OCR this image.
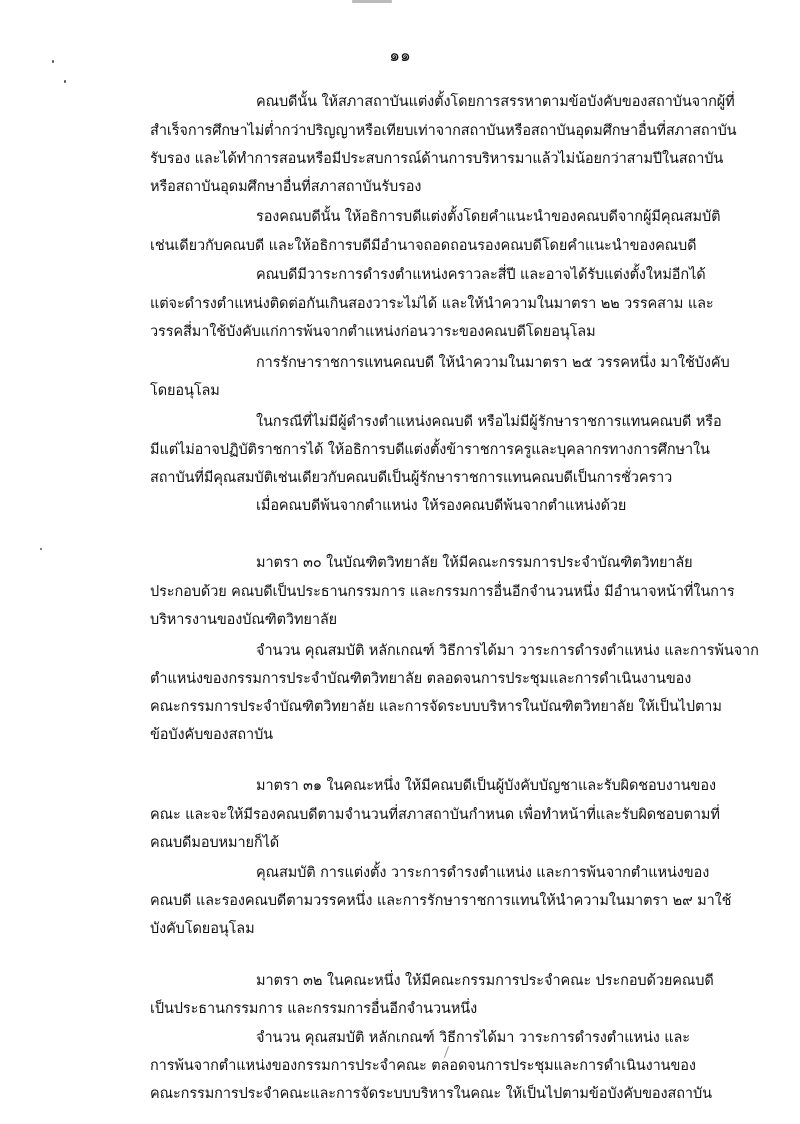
๑๑
คณบดีนั้น ให้สภาสถาบันแต่งตั้งโดยการสรรหาตามข้อบังคับของสถาบันจากผู้ที่
สำเร็จการศึกษาไม่ต่ำกว่าปริญญาหรือเทียบเท่าจากสถาบันหรือสถาบันอุดมศึกษาอื่นที่สภาสถาบัน
รับรอง และได้ทำการสอนหรือมีประสบการณ์ด้านการบริหารมาแล้วไม่น้อยกว่าสามปีในสถาบัน
หรือสถาบันอุดมศึกษาอื่นที่สภาสถาบันรับรอง
รองคณบดีนั้น ให้อธิการบดีแต่งตั้งโดยคำแนะนำของคณบดีจากผู้มีคุณสมบัติ
เช่นเดียวกับคณบดี และให้อธิการบดีมีอำนาจถอดถอนรองคณบดีโดยคำแนะนำของคณบดี
คณบดีมีวาระการดำรงตำแหน่งคราวละสี่ปี และอาจได้รับแต่งตั้งใหม่อีกได้
แต่จะดำรงตำแหน่งติดต่อกันเกินสองวาระไม่ได้ และให้นำความในมาตรา ๒๒ วรรคสาม และ
วรรคสี่มาใช้บังคับแก่การพ้นจากตำแหน่งก่อนวาระของคณบดีโดยอนุโลม
การรักษาราชการแทนคณบดี ให้นำความในมาตรา ๒๕ วรรคหนึ่ง มาใช้บังคับ
โดยอนุโลม
ในกรณีที่ไม่มีผู้ดำรงตำแหน่งคณบดี หรือไม่มีผู้รักษาราชการแทนคณบดี หรือ
มีแต่ไม่อาจปฏิบัติราชการได้ ให้อธิการบดีแต่งตั้งข้าราชการครูและบุคลากรทางการศึกษาใน
สถาบันที่มีคุณสมบัติเช่นเดียวกับคณบดีเป็นผู้รักษาราชการแทนคณบดีเป็นการชั่วคราว
เมื่อคณบดีพ้นจากตำแหน่ง ให้รองคณบดีพ้นจากตำแหน่งด้วย
มาตรา ๓๐ ในบัณฑิตวิทยาลัย ให้มีคณะกรรมการประจำบัณฑิตวิทยาลัย
ประกอบด้วย คณบดีเป็นประธานกรรมการ และกรรมการอื่นอีกจำนวนหนึ่ง มีอำนาจหน้าที่ในการ
บริหารงานของบัณฑิตวิทยาลัย
จำนวน คุณสมบัติ หลักเกณฑ์ วิธีการได้มา วาระการดำรงตำแหน่ง และการพ้นจาก
ตำแหน่งของกรรมการประจำบัณฑิตวิทยาลัย ตลอดจนการประชุมและการดำเนินงานของ
คณะกรรมการประจำบัณฑิตวิทยาลัย และการจัดระบบบริหารในบัณฑิตวิทยาลัย ให้เป็นไปตาม
ข้อบังคับของสถาบัน
มาตรา ๓๑ ในคณะหนึ่ง ให้มีคณบดีเป็นผู้บังคับบัญชาและรับผิดชอบงานของ
คณะ และจะให้มีรองคณบดีตามจำนวนที่สภาสถาบันกำหนด เพื่อทำหน้าที่และรับผิดชอบตามที่
คณบดีมอบหมายก็ได้
คุณสมบัติ การแต่งตั้ง วาระการดำรงตำแหน่ง และการพ้นจากตำแหน่งของ
คณบดี และรองคณบดีตามวรรคหนึ่ง และการรักษาราชการแทนให้นำความในมาตรา ๒๙ มาใช้
บังคับโดยอนุโลม
มาตรา ๓๒ ในคณะหนึ่ง ให้มีคณะกรรมการประจำคณะ ประกอบด้วยคณบดี
เป็นประธานกรรมการ และกรรมการอื่นอีกจำนวนหนึ่ง
จำนวน คุณสมบัติ หลักเกณฑ์ วิธีการได้มา วาระการดำรงตำแหน่ง และ
การพ้นจากตำแหน่งของกรรมการประจำคณะ ตลอดจนการประชุมและการดำเนินงานของ
คณะกรรมการประจำคณะและการจัดระบบบริหารในคณะ ให้เป็นไปตามข้อบังคับของสถาบัน
